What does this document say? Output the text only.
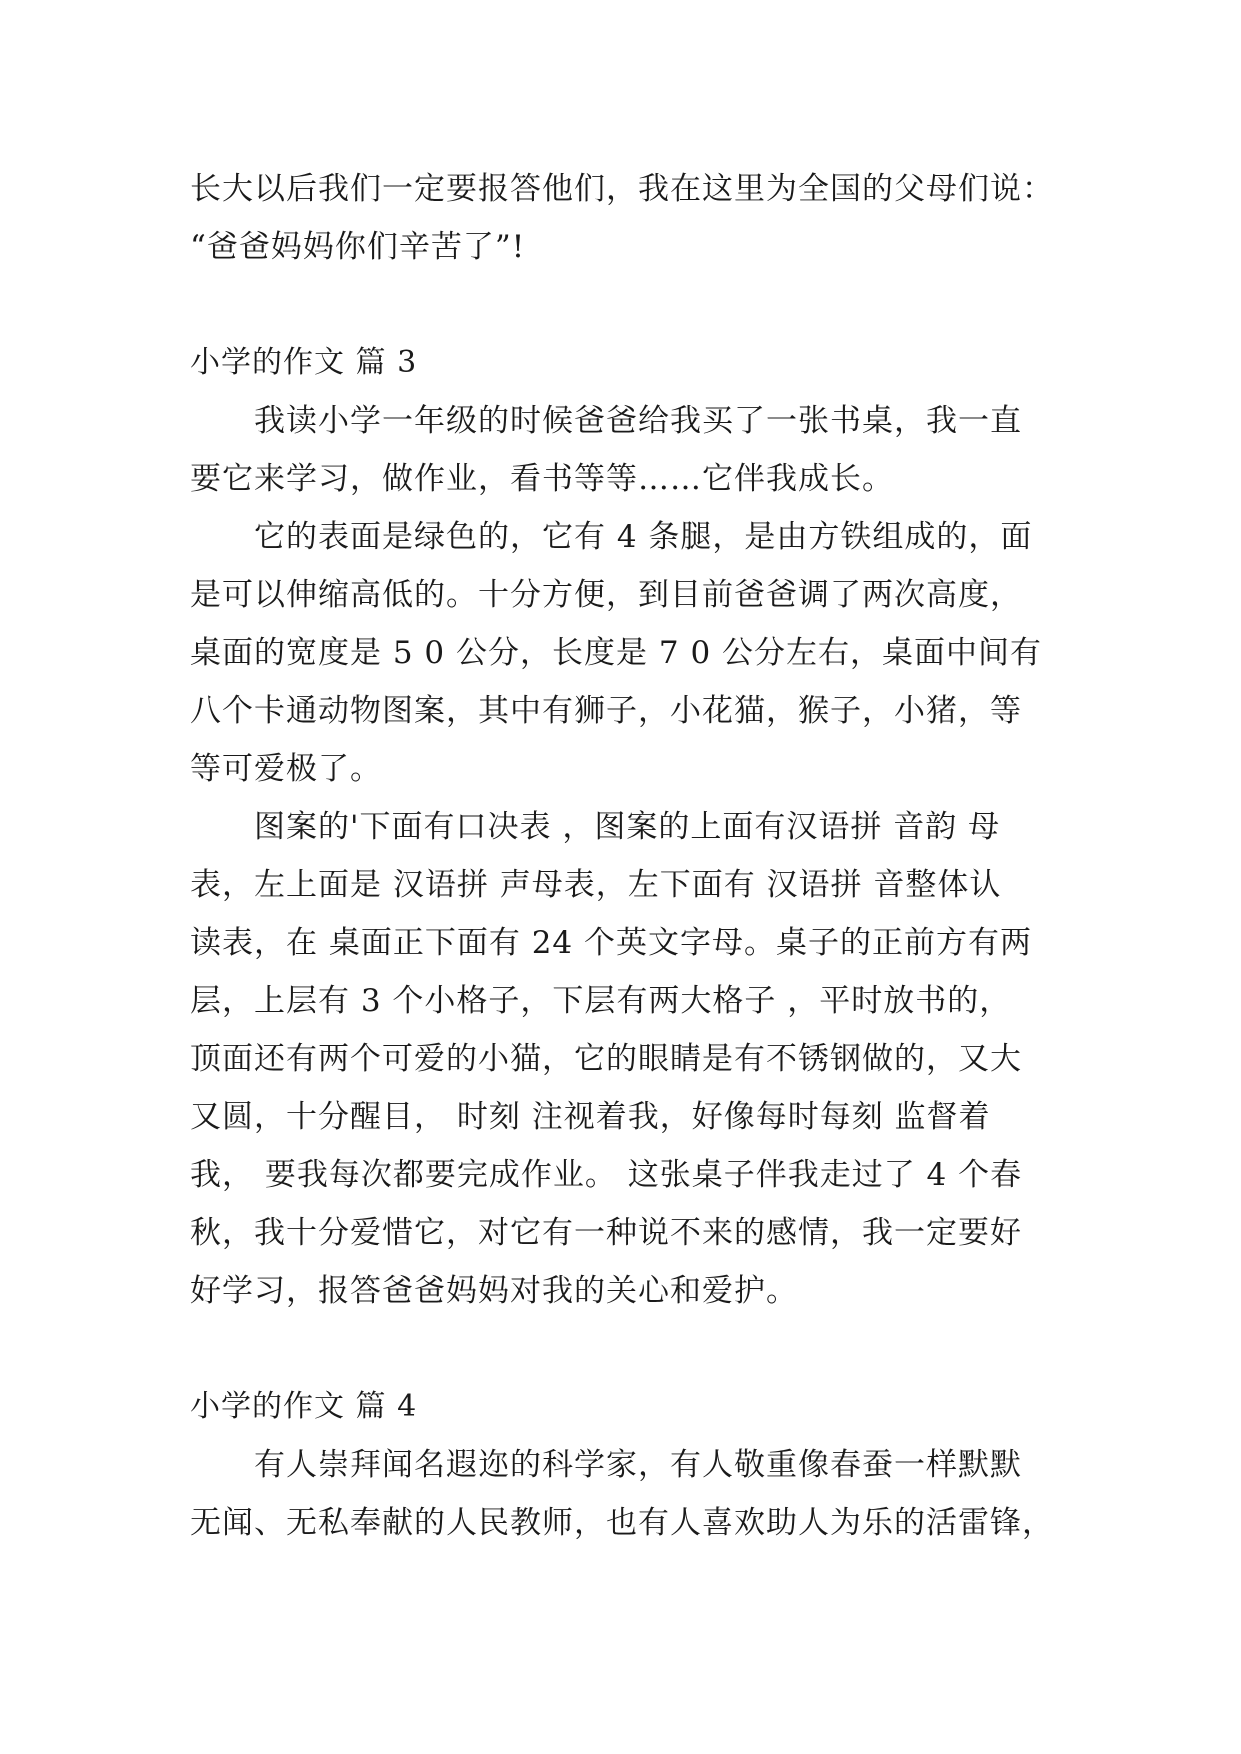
长大以后我们一定要报答他们，我在这里为全国的父母们说：
“爸爸妈妈你们辛苦了”!
小学的作文 篇 3
我读小学一年级的时候爸爸给我买了一张书桌，我一直
要它来学习，做作业，看书等等……它伴我成长。
它的表面是绿色的，它有 4 条腿，是由方铁组成的，面
是可以伸缩高低的。十分方便，到目前爸爸调了两次高度，
桌面的宽度是 5 0 公分，长度是 7 0 公分左右，桌面中间有
八个卡通动物图案，其中有狮子，小花猫，猴子，小猪，等
等可爱极了。
图案的'下面有口决表 ，图案的上面有汉语拼 音韵 母
表，左上面是 汉语拼 声母表，左下面有 汉语拼 音整体认
读表，在 桌面正下面有 24 个英文字母。桌子的正前方有两
层，上层有 3 个小格子，下层有两大格子 ，平时放书的，
顶面还有两个可爱的小猫，它的眼睛是有不锈钢做的，又大
又圆，十分醒目， 时刻 注视着我，好像每时每刻 监督着
我， 要我每次都要完成作业。 这张桌子伴我走过了 4 个春
秋，我十分爱惜它，对它有一种说不来的感情，我一定要好
好学习，报答爸爸妈妈对我的关心和爱护。
小学的作文 篇 4
有人崇拜闻名遐迩的科学家，有人敬重像春蚕一样默默
无闻、无私奉献的人民教师，也有人喜欢助人为乐的活雷锋，
